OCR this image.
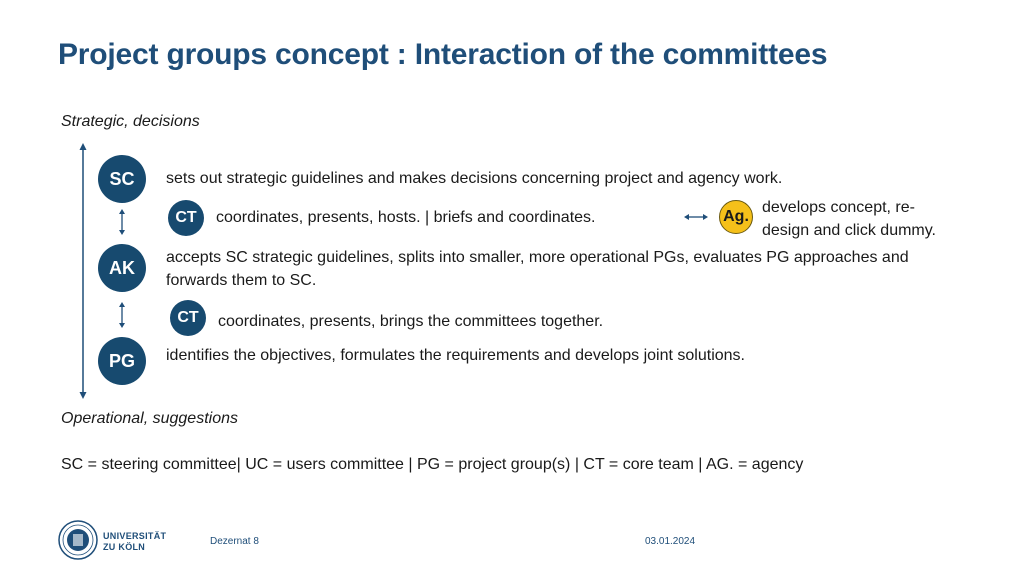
Project groups concept : Interaction of the committees
Strategic, decisions
SC	sets out strategic guidelines and makes decisions concerning project and agency work.
CT	coordinates, presents, hosts. | briefs and coordinates.	Ag.
develops concept, re-design and click dummy.
AK	accepts SC strategic guidelines, splits into smaller, more operational PGs, evaluates PG approaches and forwards them to SC.
CT	coordinates, presents, brings the committees together.
PG	identifies the objectives, formulates the requirements and develops joint solutions.
Operational, suggestions
SC = steering committee| UC = users committee | PG = project group(s) | CT = core team | AG. = agency
UNIVERSITÄT
ZU KÖLN	Dezernat 8	03.01.2024
